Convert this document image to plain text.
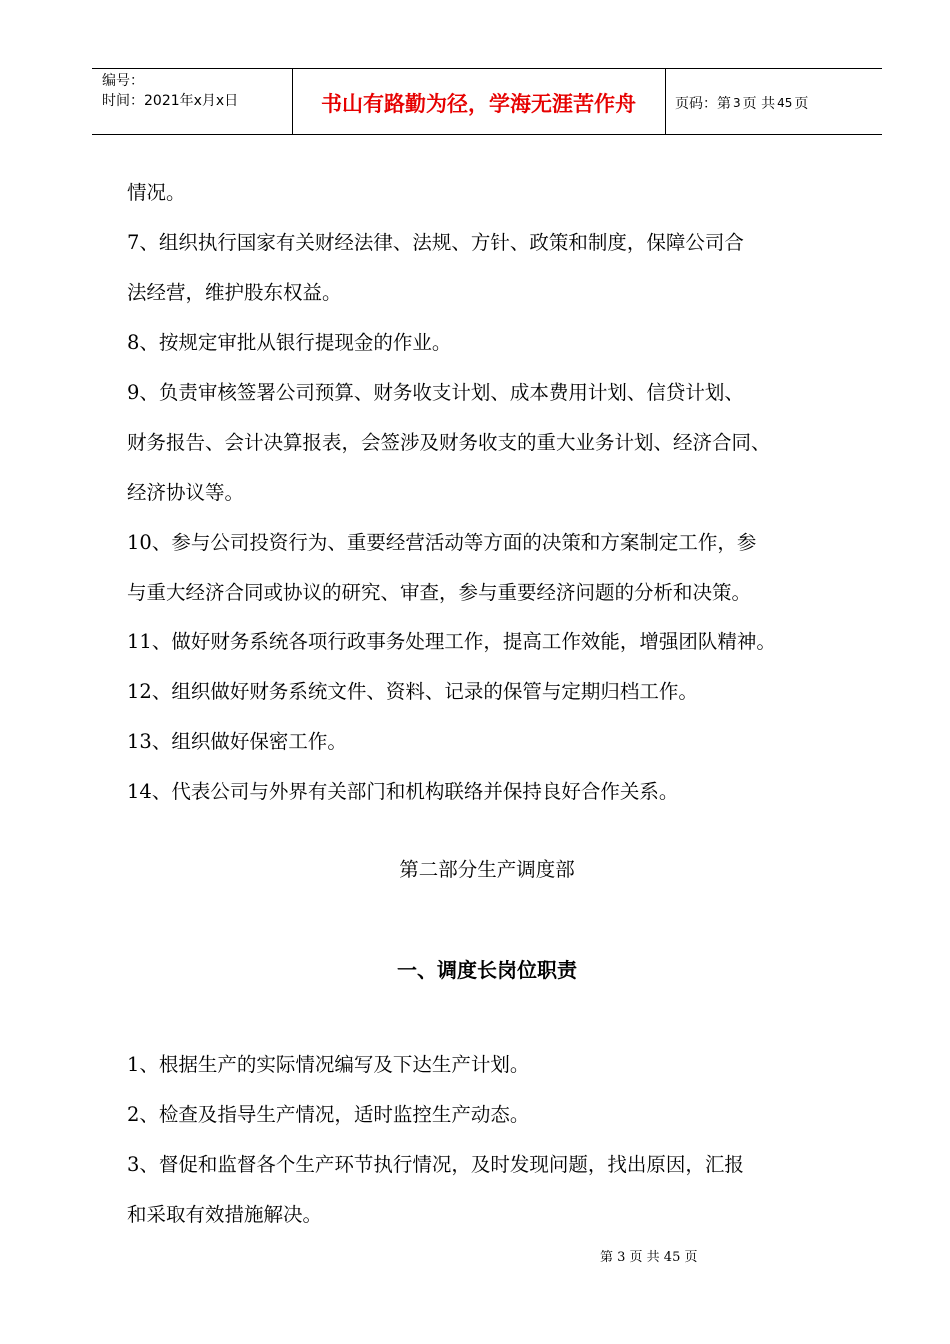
编号：
时间：2021年x月x日	书山有路勤为径，学海无涯苦作舟	页码：第 3 页 共 45 页
情况。
7、组织执行国家有关财经法律、法规、方针、政策和制度，保障公司合
法经营，维护股东权益。
8、按规定审批从银行提现金的作业。
9、负责审核签署公司预算、财务收支计划、成本费用计划、信贷计划、
财务报告、会计决算报表，会签涉及财务收支的重大业务计划、经济合同、
经济协议等。
10、参与公司投资行为、重要经营活动等方面的决策和方案制定工作，参
与重大经济合同或协议的研究、审查，参与重要经济问题的分析和决策。
11、做好财务系统各项行政事务处理工作，提高工作效能，增强团队精神。
12、组织做好财务系统文件、资料、记录的保管与定期归档工作。
13、组织做好保密工作。
14、代表公司与外界有关部门和机构联络并保持良好合作关系。
第二部分生产调度部
一、调度长岗位职责
1、根据生产的实际情况编写及下达生产计划。
2、检查及指导生产情况，适时监控生产动态。
3、督促和监督各个生产环节执行情况，及时发现问题，找出原因，汇报
和采取有效措施解决。
第 3 页 共 45 页
